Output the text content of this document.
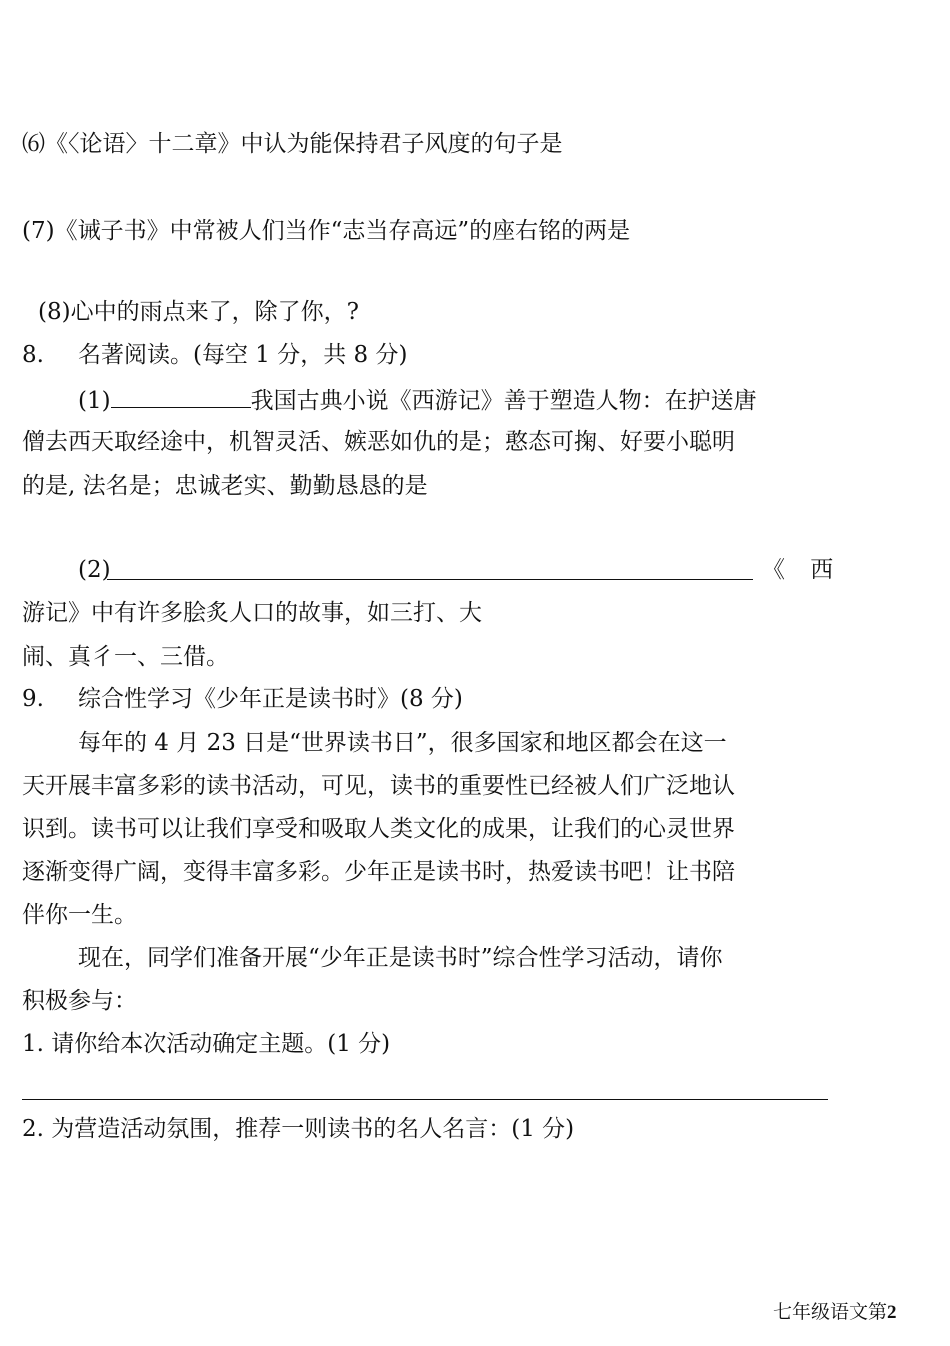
⑹《〈论语〉十二章》中认为能保持君子风度的句子是
(7)《诫子书》中常被人们当作“志当存高远”的座右铭的两是
(8)心中的雨点来了，除了你，?
8. 名著阅读。(每空 1 分，共 8 分)
(1)	我国古典小说《西游记》善于塑造人物：在护送唐
僧去西天取经途中，机智灵活、嫉恶如仇的是；憨态可掬、好要小聪明
的是, 法名是；忠诚老实、勤勤恳恳的是
(2)	《 西
游记》中有许多脍炙人口的故事，如三打、大
闹、真彳一、三借。
9. 综合性学习《少年正是读书时》(8 分)
每年的 4 月 23 日是“世界读书日”，很多国家和地区都会在这一
天开展丰富多彩的读书活动，可见，读书的重要性已经被人们广泛地认
识到。读书可以让我们享受和吸取人类文化的成果，让我们的心灵世界
逐渐变得广阔，变得丰富多彩。少年正是读书时，热爱读书吧！让书陪
伴你一生。
现在，同学们准备开展“少年正是读书时”综合性学习活动，请你
积极参与：
1. 请你给本次活动确定主题。(1 分)
2. 为营造活动氛围，推荐一则读书的名人名言：(1 分)
七年级语文第2
